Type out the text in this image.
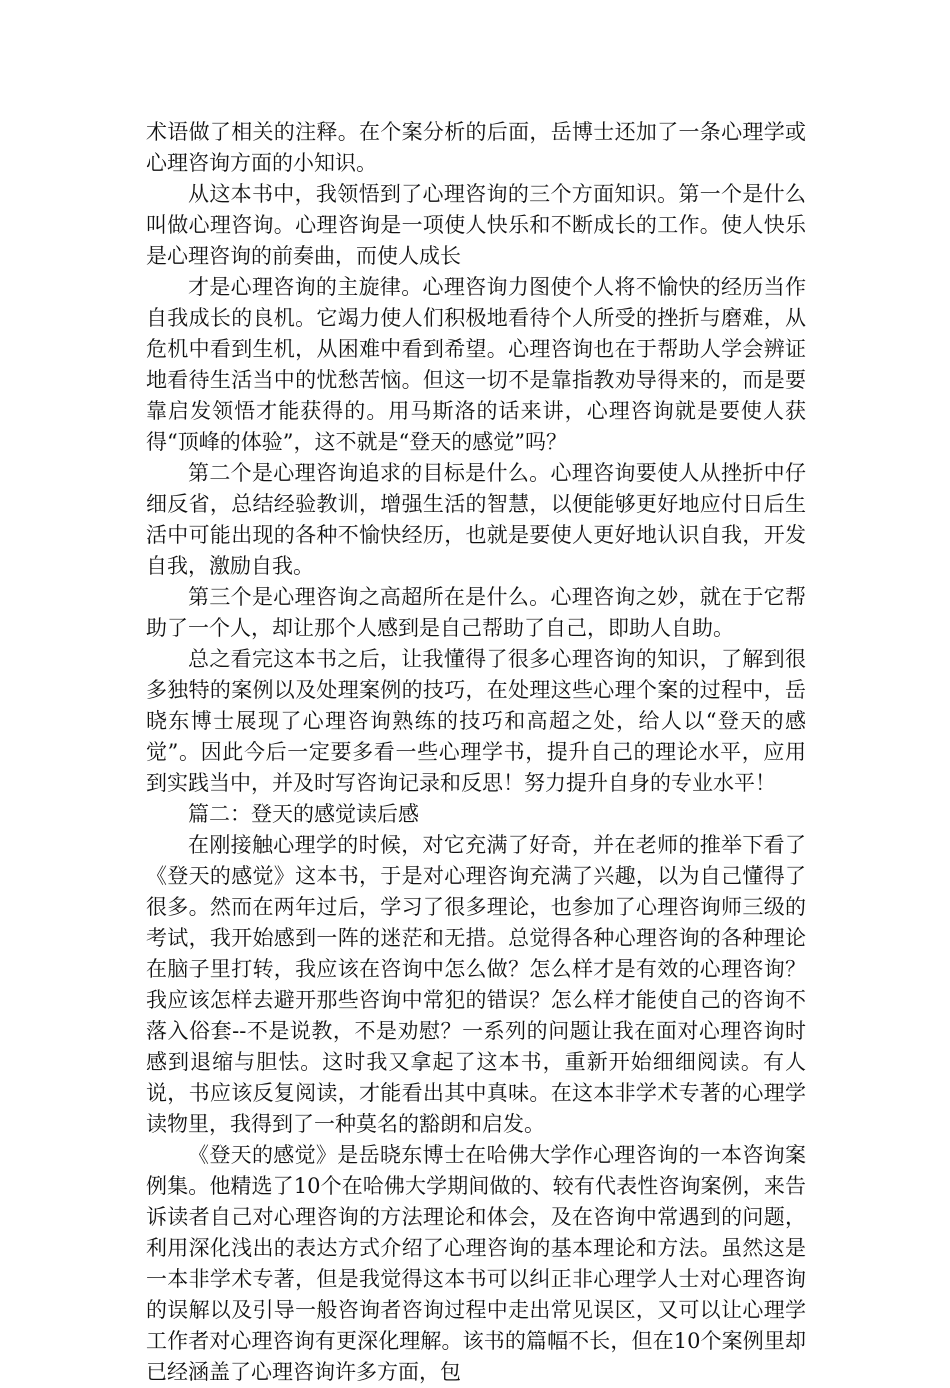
术语做了相关的注释。在个案分析的后面，岳博士还加了一条心理学或心理咨询方面的小知识。

从这本书中，我领悟到了心理咨询的三个方面知识。第一个是什么叫做心理咨询。心理咨询是一项使人快乐和不断成长的工作。使人快乐是心理咨询的前奏曲，而使人成长

才是心理咨询的主旋律。心理咨询力图使个人将不愉快的经历当作自我成长的良机。它竭力使人们积极地看待个人所受的挫折与磨难，从危机中看到生机，从困难中看到希望。心理咨询也在于帮助人学会辨证地看待生活当中的忧愁苦恼。但这一切不是靠指教劝导得来的，而是要靠启发领悟才能获得的。用马斯洛的话来讲，心理咨询就是要使人获得“顶峰的体验”，这不就是“登天的感觉”吗？

第二个是心理咨询追求的目标是什么。心理咨询要使人从挫折中仔细反省，总结经验教训，增强生活的智慧，以便能够更好地应付日后生活中可能出现的各种不愉快经历，也就是要使人更好地认识自我，开发自我，激励自我。

第三个是心理咨询之高超所在是什么。心理咨询之妙，就在于它帮助了一个人，却让那个人感到是自己帮助了自己，即助人自助。

总之看完这本书之后，让我懂得了很多心理咨询的知识，了解到很多独特的案例以及处理案例的技巧，在处理这些心理个案的过程中，岳晓东博士展现了心理咨询熟练的技巧和高超之处，给人以“登天的感觉”。因此今后一定要多看一些心理学书，提升自己的理论水平，应用到实践当中，并及时写咨询记录和反思！努力提升自身的专业水平！

篇二：登天的感觉读后感

在刚接触心理学的时候，对它充满了好奇，并在老师的推举下看了《登天的感觉》这本书，于是对心理咨询充满了兴趣，以为自己懂得了很多。然而在两年过后，学习了很多理论，也参加了心理咨询师三级的考试，我开始感到一阵的迷茫和无措。总觉得各种心理咨询的各种理论在脑子里打转，我应该在咨询中怎么做？怎么样才是有效的心理咨询？我应该怎样去避开那些咨询中常犯的错误？怎么样才能使自己的咨询不落入俗套--不是说教，不是劝慰？一系列的问题让我在面对心理咨询时感到退缩与胆怯。这时我又拿起了这本书，重新开始细细阅读。有人说，书应该反复阅读，才能看出其中真味。在这本非学术专著的心理学读物里，我得到了一种莫名的豁朗和启发。

《登天的感觉》是岳晓东博士在哈佛大学作心理咨询的一本咨询案例集。他精选了10个在哈佛大学期间做的、较有代表性咨询案例，来告诉读者自己对心理咨询的方法理论和体会，及在咨询中常遇到的问题，利用深化浅出的表达方式介绍了心理咨询的基本理论和方法。虽然这是一本非学术专著，但是我觉得这本书可以纠正非心理学人士对心理咨询的误解以及引导一般咨询者咨询过程中走出常见误区，又可以让心理学工作者对心理咨询有更深化理解。该书的篇幅不长，但在10个案例里却已经涵盖了心理咨询许多方面，包
